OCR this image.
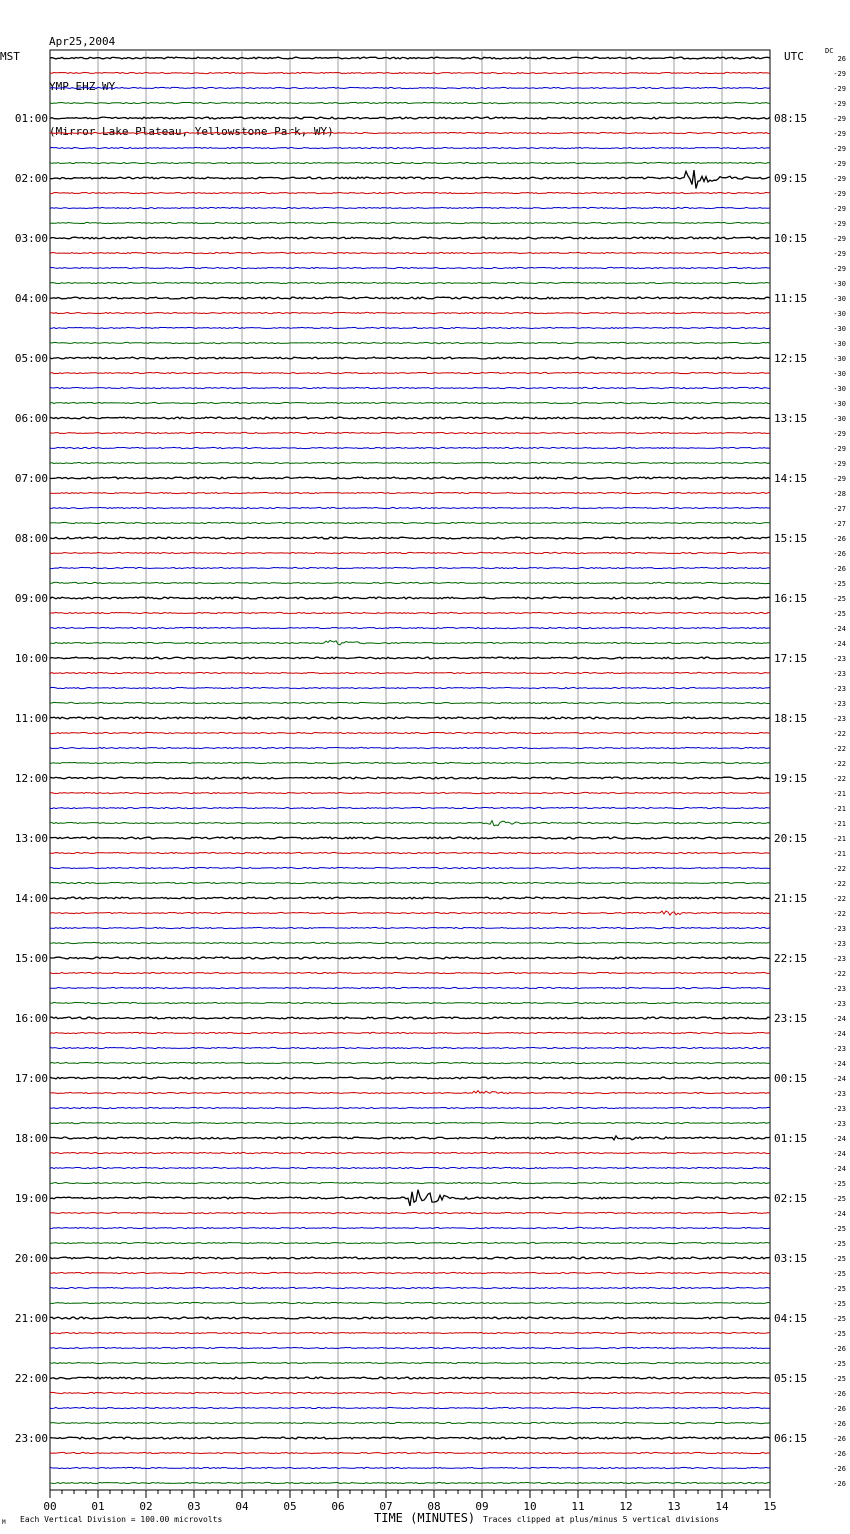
Apr25,2004

YMP EHZ WY

(Mirror Lake Plateau, Yellowstone Park, WY)

MST	UTC	DC
26
-29
-29
-29
-29
-29
-29
-29
-29
-29
-29
-29
-29
-29
-29
-30
-30
-30
-30
-30
-30
-30
-30
-30
-30
-29
-29
-29
-29
-28
-27
-27
-26
-26
-26
-25
-25
-25
-24
-24
-23
-23
-23
-23
-23
-22
-22
-22
-22
-21
-21
-21
-21
-21
-22
-22
-22
-22
-23
-23
-23
-22
-23
-23
-24
-24
-23
-24
-24
-23
-23
-23
-24
-24
-24
-25
-25
-24
-25
-25
-25
-25
-25
-25
-25
-25
-26
-25
-25
-26
-26
-26
-26
-26
-26
-26
01:00
02:00
03:00
04:00
05:00
06:00
07:00
08:00
09:00
10:00
11:00
12:00
13:00
14:00
15:00
16:00
17:00
18:00
19:00
20:00
21:00
22:00
23:00
08:15
09:15
10:15
11:15
12:15
13:15
14:15
15:15
16:15
17:15
18:15
19:15
20:15
21:15
22:15
23:15
00:15
01:15
02:15
03:15
04:15
05:15
06:15
00	01	02	03	04	05	06	07	08	09	10	11	12	13	14	15
M Each Vertical Division = 100.00 microvolts	TIME (MINUTES) Traces clipped at plus/minus 5 vertical divisions
